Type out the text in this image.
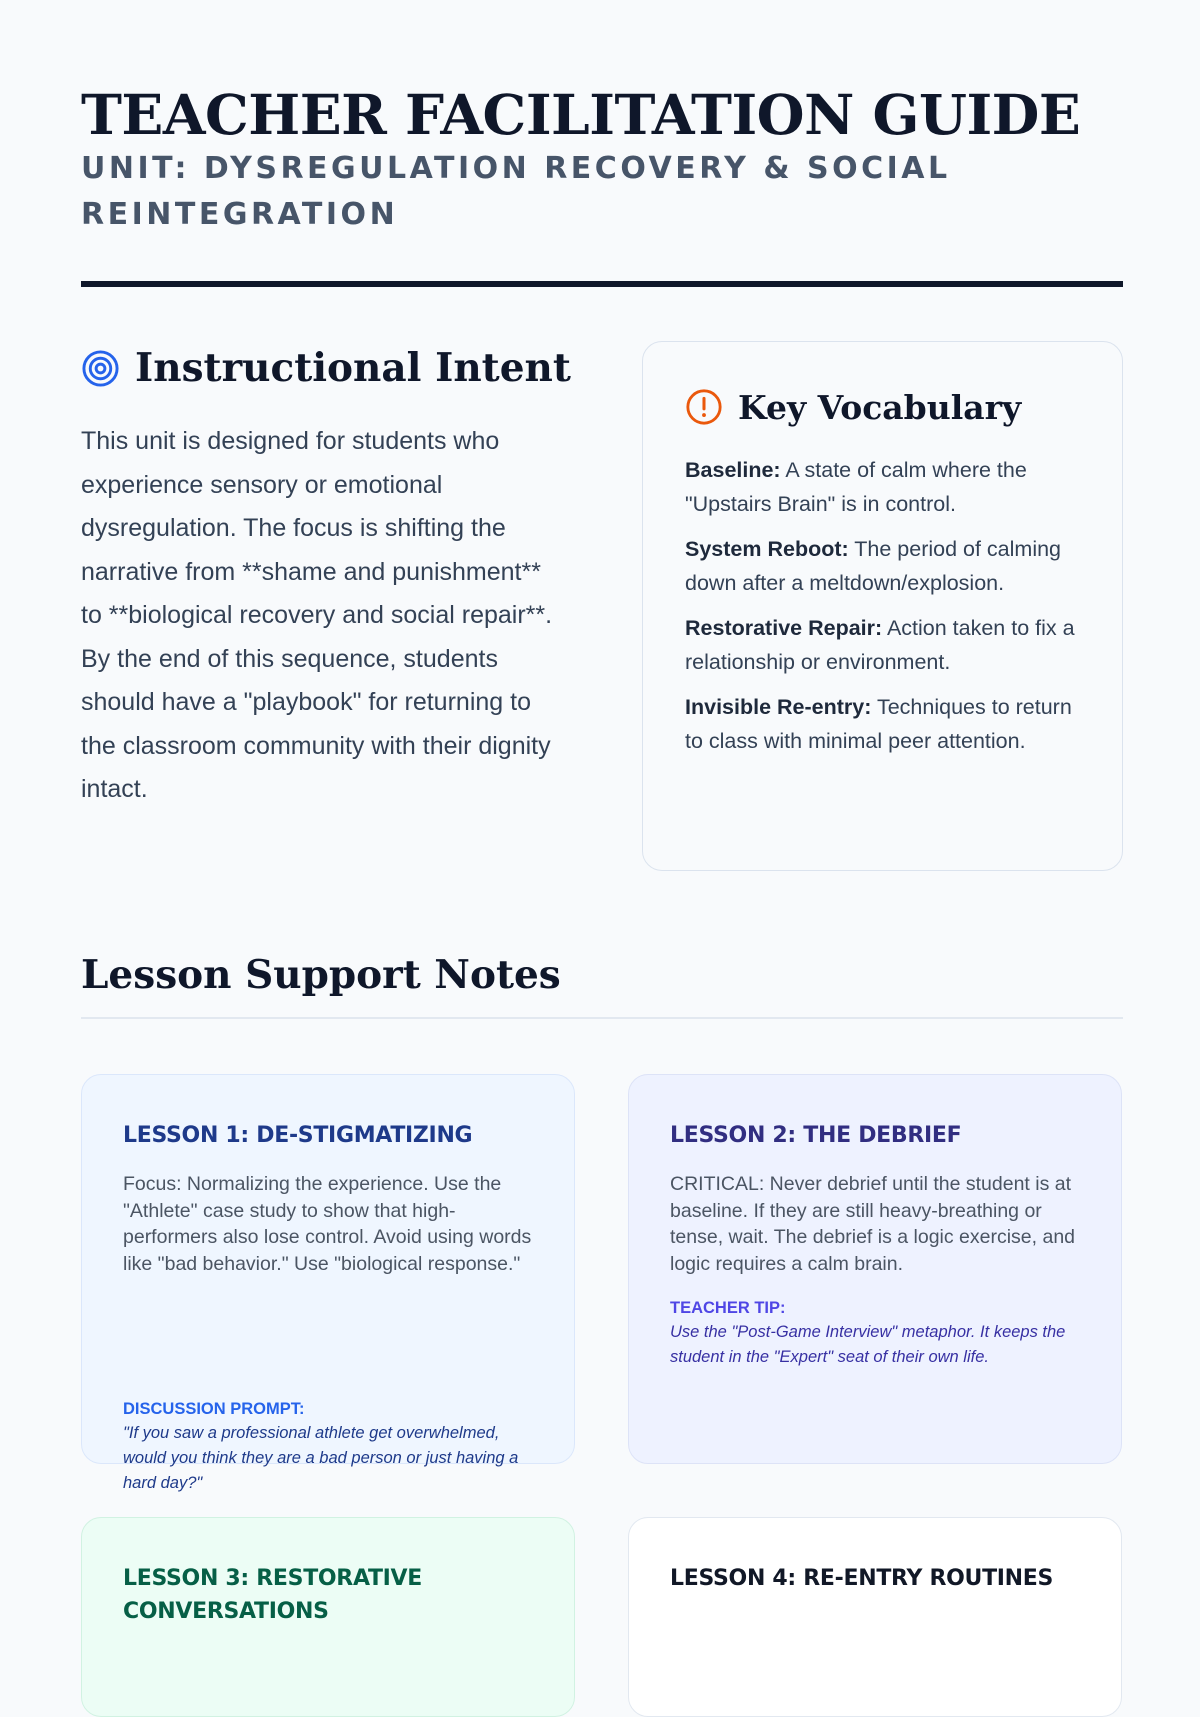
TEACHER FACILITATION GUIDE
UNIT: DYSREGULATION RECOVERY & SOCIAL REINTEGRATION
Instructional Intent

This unit is designed for students who experience sensory or emotional dysregulation. The focus is shifting the narrative from **shame and punishment** to **biological recovery and social repair**. By the end of this sequence, students should have a "playbook" for returning to the classroom community with their dignity intact.

Key Vocabulary

Baseline: A state of calm where the "Upstairs Brain" is in control.

System Reboot: The period of calming down after a meltdown/explosion.

Restorative Repair: Action taken to fix a relationship or environment.

Invisible Re-entry: Techniques to return to class with minimal peer attention.

Lesson Support Notes
LESSON 1: DE-STIGMATIZING

Focus: Normalizing the experience. Use the "Athlete" case study to show that high-performers also lose control. Avoid using words like "bad behavior." Use "biological response."

DISCUSSION PROMPT:

"If you saw a professional athlete get overwhelmed, would you think they are a bad person or just having a hard day?"

LESSON 2: THE DEBRIEF

CRITICAL: Never debrief until the student is at baseline. If they are still heavy-breathing or tense, wait. The debrief is a logic exercise, and logic requires a calm brain.

TEACHER TIP:

Use the "Post-Game Interview" metaphor. It keeps the student in the "Expert" seat of their own life.

LESSON 3: RESTORATIVE CONVERSATIONS
LESSON 4: RE-ENTRY ROUTINES
